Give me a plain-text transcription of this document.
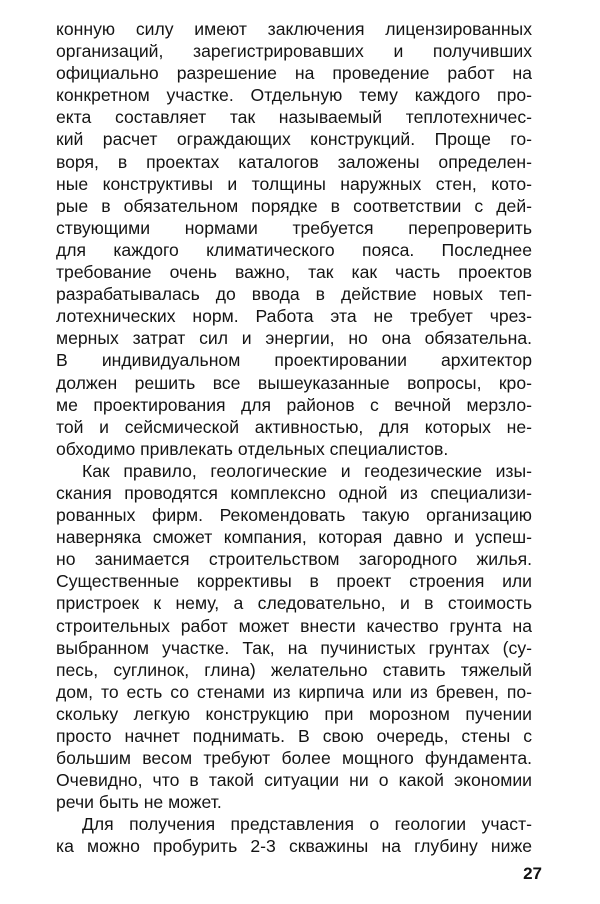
конную силу имеют заключения лицензированных
организаций, зарегистрировавших и получивших
официально разрешение на проведение работ на
конкретном участке. Отдельную тему каждого про-
екта составляет так называемый теплотехничес-
кий расчет ограждающих конструкций. Проще го-
воря, в проектах каталогов заложены определен-
ные конструктивы и толщины наружных стен, кото-
рые в обязательном порядке в соответствии с дей-
ствующими нормами требуется перепроверить
для каждого климатического пояса. Последнее
требование очень важно, так как часть проектов
разрабатывалась до ввода в действие новых теп-
лотехнических норм. Работа эта не требует чрез-
мерных затрат сил и энергии, но она обязательна.
В индивидуальном проектировании архитектор
должен решить все вышеуказанные вопросы, кро-
ме проектирования для районов с вечной мерзло-
той и сейсмической активностью, для которых не-
обходимо привлекать отдельных специалистов.
Как правило, геологические и геодезические изы-
скания проводятся комплексно одной из специализи-
рованных фирм. Рекомендовать такую организацию
наверняка сможет компания, которая давно и успеш-
но занимается строительством загородного жилья.
Существенные коррективы в проект строения или
пристроек к нему, а следовательно, и в стоимость
строительных работ может внести качество грунта на
выбранном участке. Так, на пучинистых грунтах (су-
песь, суглинок, глина) желательно ставить тяжелый
дом, то есть со стенами из кирпича или из бревен, по-
скольку легкую конструкцию при морозном пучении
просто начнет поднимать. В свою очередь, стены с
большим весом требуют более мощного фундамента.
Очевидно, что в такой ситуации ни о какой экономии
речи быть не может.
Для получения представления о геологии участ-
ка можно пробурить 2-3 скважины на глубину ниже
27
